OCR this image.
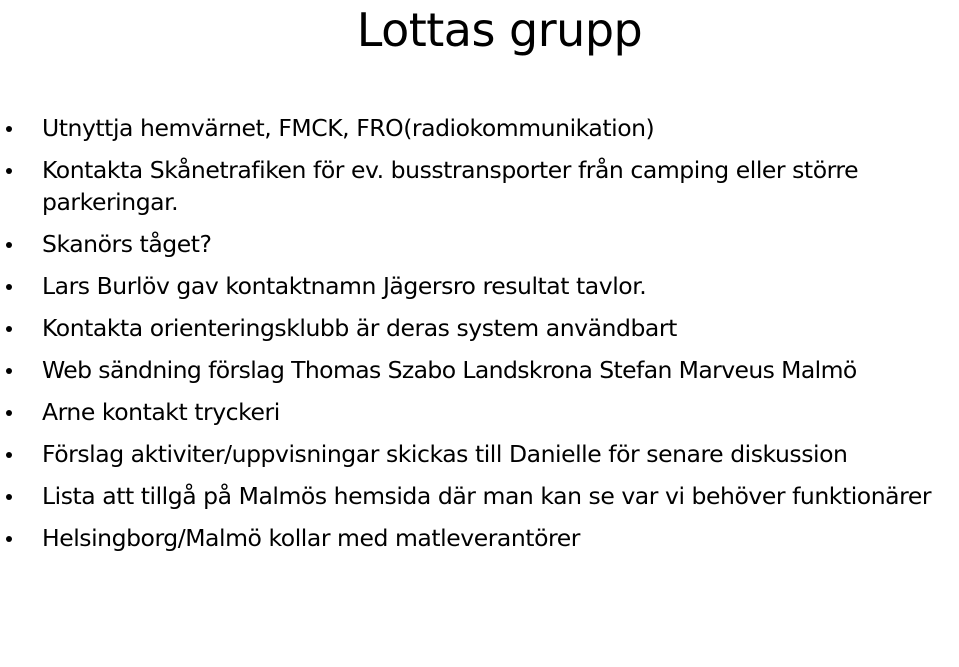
Lottas grupp
Utnyttja hemvärnet, FMCK, FRO(radiokommunikation)
Kontakta Skånetrafiken för ev. busstransporter från camping eller större parkeringar.
Skanörs tåget?
Lars Burlöv gav kontaktnamn Jägersro resultat tavlor.
Kontakta orienteringsklubb är deras system användbart
Web sändning förslag Thomas Szabo Landskrona Stefan Marveus Malmö
Arne kontakt tryckeri
Förslag aktiviter/uppvisningar skickas till Danielle för senare diskussion
Lista att tillgå på Malmös hemsida där man kan se var vi behöver funktionärer
Helsingborg/Malmö kollar med matleverantörer
